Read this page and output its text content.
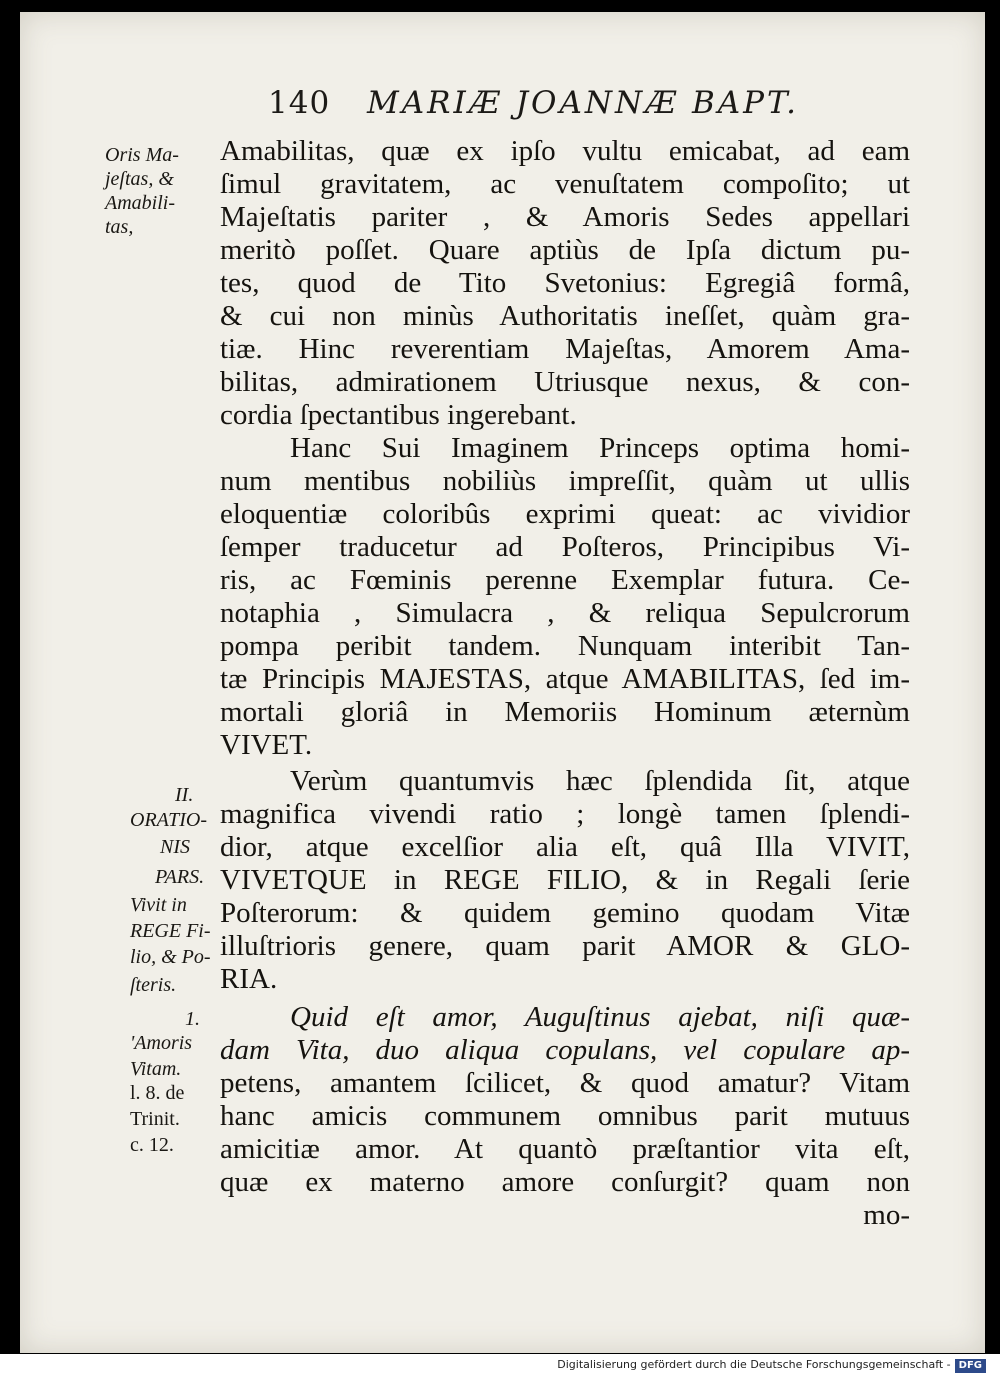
140 MARIÆ JOANNÆ BAPT.
Oris Ma-
jeſtas, &
Amabili-
tas,
II.
ORATIO-
NIS
PARS.
Vivit in
REGE Fi-
lio, & Po-
ſteris.
1.
'Amoris
Vitam.
l. 8. de
Trinit.
c. 12.
Amabilitas, quæ ex ipſo vultu emicabat, ad eam
ſimul gravitatem, ac venuſtatem compoſito; ut
Majeſtatis pariter , & Amoris Sedes appellari
meritò poſſet. Quare aptiùs de Ipſa dictum pu-
tes, quod de Tito Svetonius: Egregiâ formâ,
& cui non minùs Authoritatis ineſſet, quàm gra-
tiæ. Hinc reverentiam Majeſtas, Amorem Ama-
bilitas, admirationem Utriusque nexus, & con-
cordia ſpectantibus ingerebant.
Hanc Sui Imaginem Princeps optima homi-
num mentibus nobiliùs impreſſit, quàm ut ullis
eloquentiæ coloribûs exprimi queat: ac vividior
ſemper traducetur ad Poſteros, Principibus Vi-
ris, ac Fœminis perenne Exemplar futura. Ce-
notaphia , Simulacra , & reliqua Sepulcrorum
pompa peribit tandem. Nunquam interibit Tan-
tæ Principis MAJESTAS, atque AMABILITAS, ſed im-
mortali gloriâ in Memoriis Hominum æternùm
VIVET.
Verùm quantumvis hæc ſplendida ſit, atque
magnifica vivendi ratio ; longè tamen ſplendi-
dior, atque excelſior alia eſt, quâ Illa VIVIT,
VIVETQUE in REGE FILIO, & in Regali ſerie
Poſterorum: & quidem gemino quodam Vitæ
illuſtrioris genere, quam parit AMOR & GLO-
RIA.
Quid eſt amor, Auguſtinus ajebat, niſi quæ-
dam Vita, duo aliqua copulans, vel copulare ap-
petens, amantem ſcilicet, & quod amatur? Vitam
hanc amicis communem omnibus parit mutuus
amicitiæ amor. At quantò præſtantior vita eſt,
quæ ex materno amore conſurgit? quam non
mo-
Digitalisierung gefördert durch die Deutsche Forschungsgemeinschaft - DFG
